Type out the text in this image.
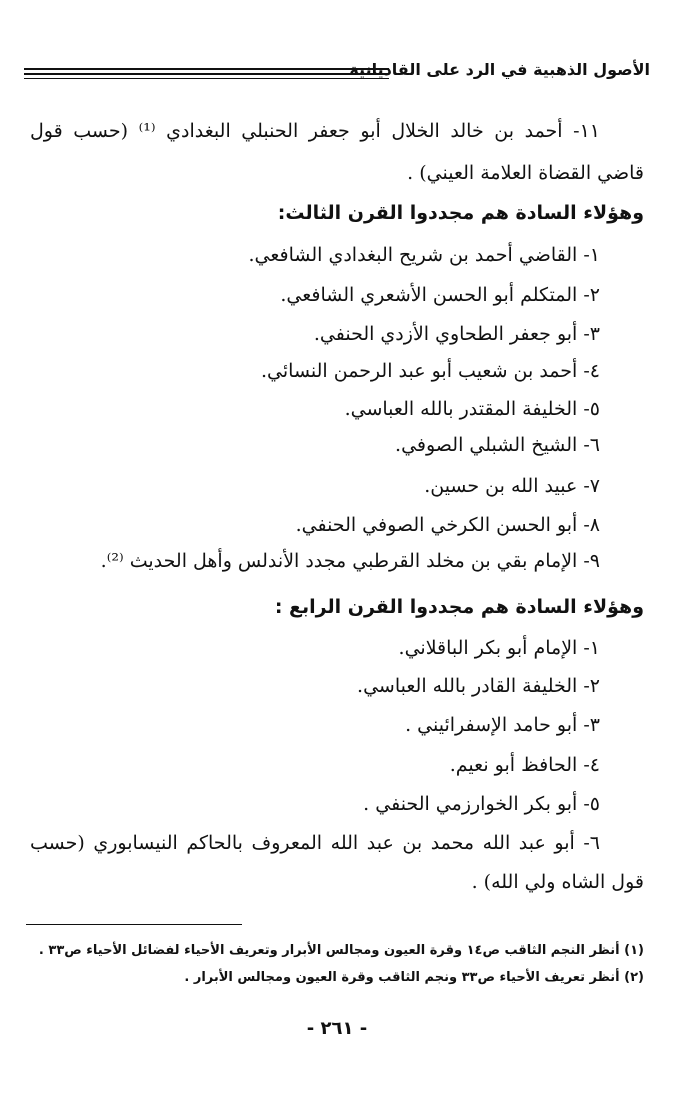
الأصول الذهبية في الرد على القاديانية
١١- أحمد بن خالد الخلال أبو جعفر الحنبلي البغدادي ⁽¹⁾ (حسب قول
قاضي القضاة العلامة العيني) .
وهؤلاء السادة هم مجددوا القرن الثالث:
١- القاضي أحمد بن شريح البغدادي الشافعي.
٢- المتكلم أبو الحسن الأشعري الشافعي.
٣- أبو جعفر الطحاوي الأزدي الحنفي.
٤- أحمد بن شعيب أبو عبد الرحمن النسائي.
٥- الخليفة المقتدر بالله العباسي.
٦- الشيخ الشبلي الصوفي.
٧- عبيد الله بن حسين.
٨- أبو الحسن الكرخي الصوفي الحنفي.
٩- الإمام بقي بن مخلد القرطبي مجدد الأندلس وأهل الحديث ⁽²⁾.
وهؤلاء السادة هم مجددوا القرن الرابع :
١- الإمام أبو بكر الباقلاني.
٢- الخليفة القادر بالله العباسي.
٣- أبو حامد الإسفرائيني .
٤- الحافظ أبو نعيم.
٥- أبو بكر الخوارزمي الحنفي .
٦- أبو عبد الله محمد بن عبد الله المعروف بالحاكم النيسابوري (حسب
قول الشاه ولي الله) .
(١) أنظر النجم الثاقب ص١٤ وقرة العيون ومجالس الأبرار وتعريف الأحياء لفضائل الأحياء ص٣٣ .
(٢) أنظر تعريف الأحياء ص٣٣ ونجم الثاقب وقرة العيون ومجالس الأبرار .
- ٢٦١ -
